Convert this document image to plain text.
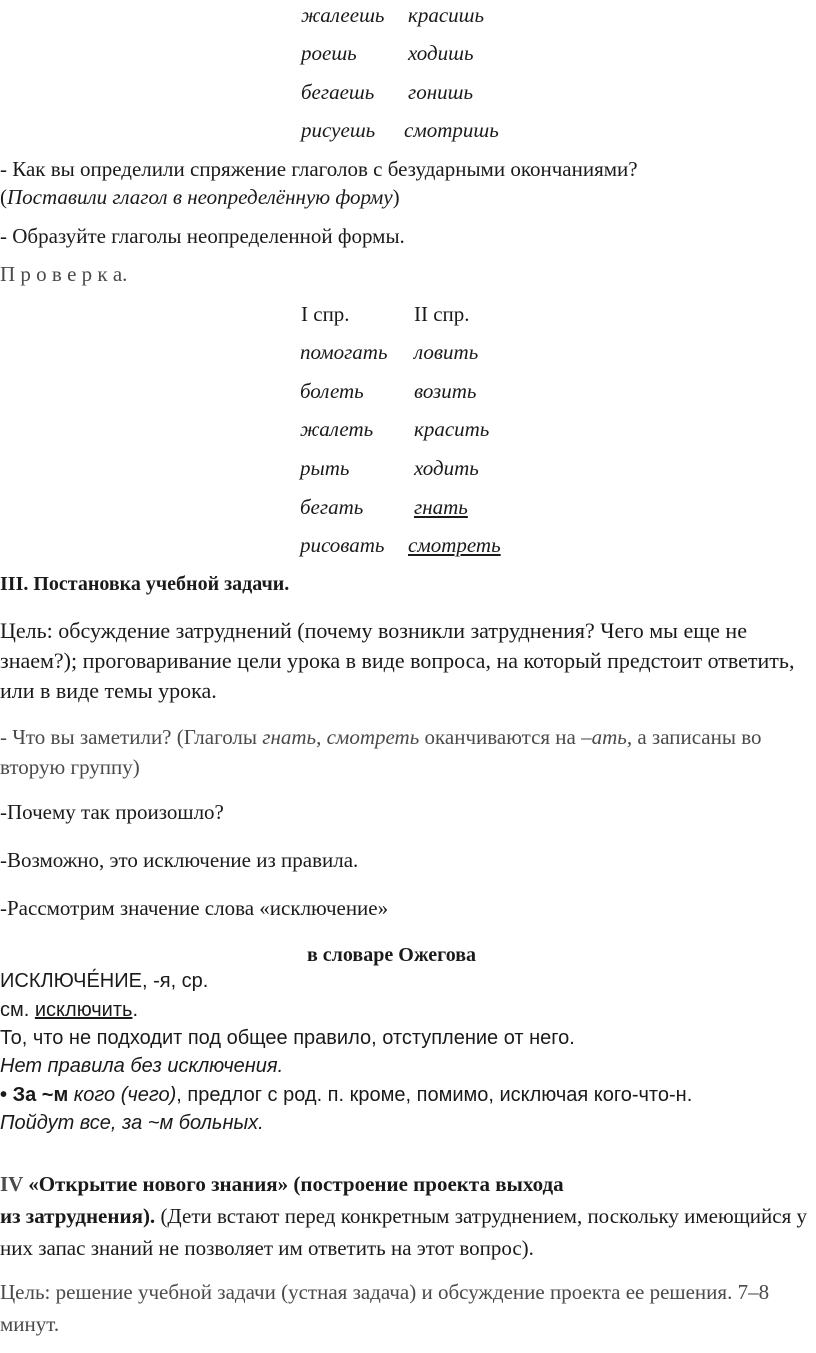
жалеешь красишь
роешь ходишь
бегаешь гонишь
рисуешь смотришь
- Как вы определили спряжение глаголов с безударными окончаниями?
(Поставили глагол в неопределённую форму)
- Образуйте глаголы неопределенной формы.
П р о в е р к а.
I спр.	II спр.
помогать ловить
болеть возить
жалеть красить
рыть	ходить
бегать гнать
рисовать смотреть
III. Постановка учебной задачи.
Цель: обсуждение затруднений (почему возникли затруднения? Чего мы еще не знаем?); проговаривание цели урока в виде вопроса, на который предстоит ответить, или в виде темы урока.
- Что вы заметили? (Глаголы гнать, смотреть оканчиваются на –ать, а записаны во вторую группу)
-Почему так произошло?
-Возможно, это исключение из правила.
-Рассмотрим значение слова «исключение»
в словаре Ожегова
ИСКЛЮЧЕ́НИЕ, -я, ср.
см. исключить.
То, что не подходит под общее правило, отступление от него.
Нет правила без исключения.
• За ~м кого (чего), предлог с род. п. кроме, помимо, исключая кого-что-н.
Пойдут все, за ~м больных.
IV «Открытие нового знания» (построение проекта выхода
из затруднения). (Дети встают перед конкретным затруднением, поскольку имеющийся у них запас знаний не позволяет им ответить на этот вопрос).
Цель: решение учебной задачи (устная задача) и обсуждение проекта ее решения. 7–8 минут.
